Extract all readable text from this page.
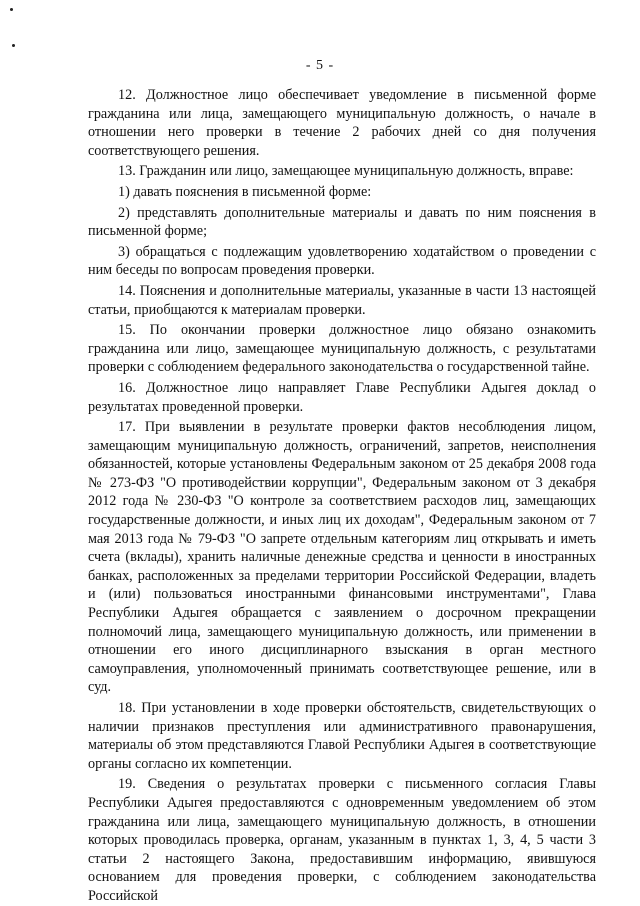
- 5 -

12. Должностное лицо обеспечивает уведомление в письменной форме гражданина или лица, замещающего муниципальную должность, о начале в отношении него проверки в течение 2 рабочих дней со дня получения соответствующего решения.

13. Гражданин или лицо, замещающее муниципальную должность, вправе:

1) давать пояснения в письменной форме:

2) представлять дополнительные материалы и давать по ним пояснения в письменной форме;

3) обращаться с подлежащим удовлетворению ходатайством о проведении с ним беседы по вопросам проведения проверки.

14. Пояснения и дополнительные материалы, указанные в части 13 настоящей статьи, приобщаются к материалам проверки.

15. По окончании проверки должностное лицо обязано ознакомить гражданина или лицо, замещающее муниципальную должность, с результатами проверки с соблюдением федерального законодательства о государственной тайне.

16. Должностное лицо направляет Главе Республики Адыгея доклад о результатах проведенной проверки.

17. При выявлении в результате проверки фактов несоблюдения лицом, замещающим муниципальную должность, ограничений, запретов, неисполнения обязанностей, которые установлены Федеральным законом от 25 декабря 2008 года № 273-ФЗ "О противодействии коррупции", Федеральным законом от 3 декабря 2012 года № 230-ФЗ "О контроле за соответствием расходов лиц, замещающих государственные должности, и иных лиц их доходам", Федеральным законом от 7 мая 2013 года № 79-ФЗ "О запрете отдельным категориям лиц открывать и иметь счета (вклады), хранить наличные денежные средства и ценности в иностранных банках, расположенных за пределами территории Российской Федерации, владеть и (или) пользоваться иностранными финансовыми инструментами", Глава Республики Адыгея обращается с заявлением о досрочном прекращении полномочий лица, замещающего муниципальную должность, или применении в отношении его иного дисциплинарного взыскания в орган местного самоуправления, уполномоченный принимать соответствующее решение, или в суд.

18. При установлении в ходе проверки обстоятельств, свидетельствующих о наличии признаков преступления или административного правонарушения, материалы об этом представляются Главой Республики Адыгея в соответствующие органы согласно их компетенции.

19. Сведения о результатах проверки с письменного согласия Главы Республики Адыгея предоставляются с одновременным уведомлением об этом гражданина или лица, замещающего муниципальную должность, в отношении которых проводилась проверка, органам, указанным в пунктах 1, 3, 4, 5 части 3 статьи 2 настоящего Закона, предоставившим информацию, явившуюся основанием для проведения проверки, с соблюдением законодательства Российской
